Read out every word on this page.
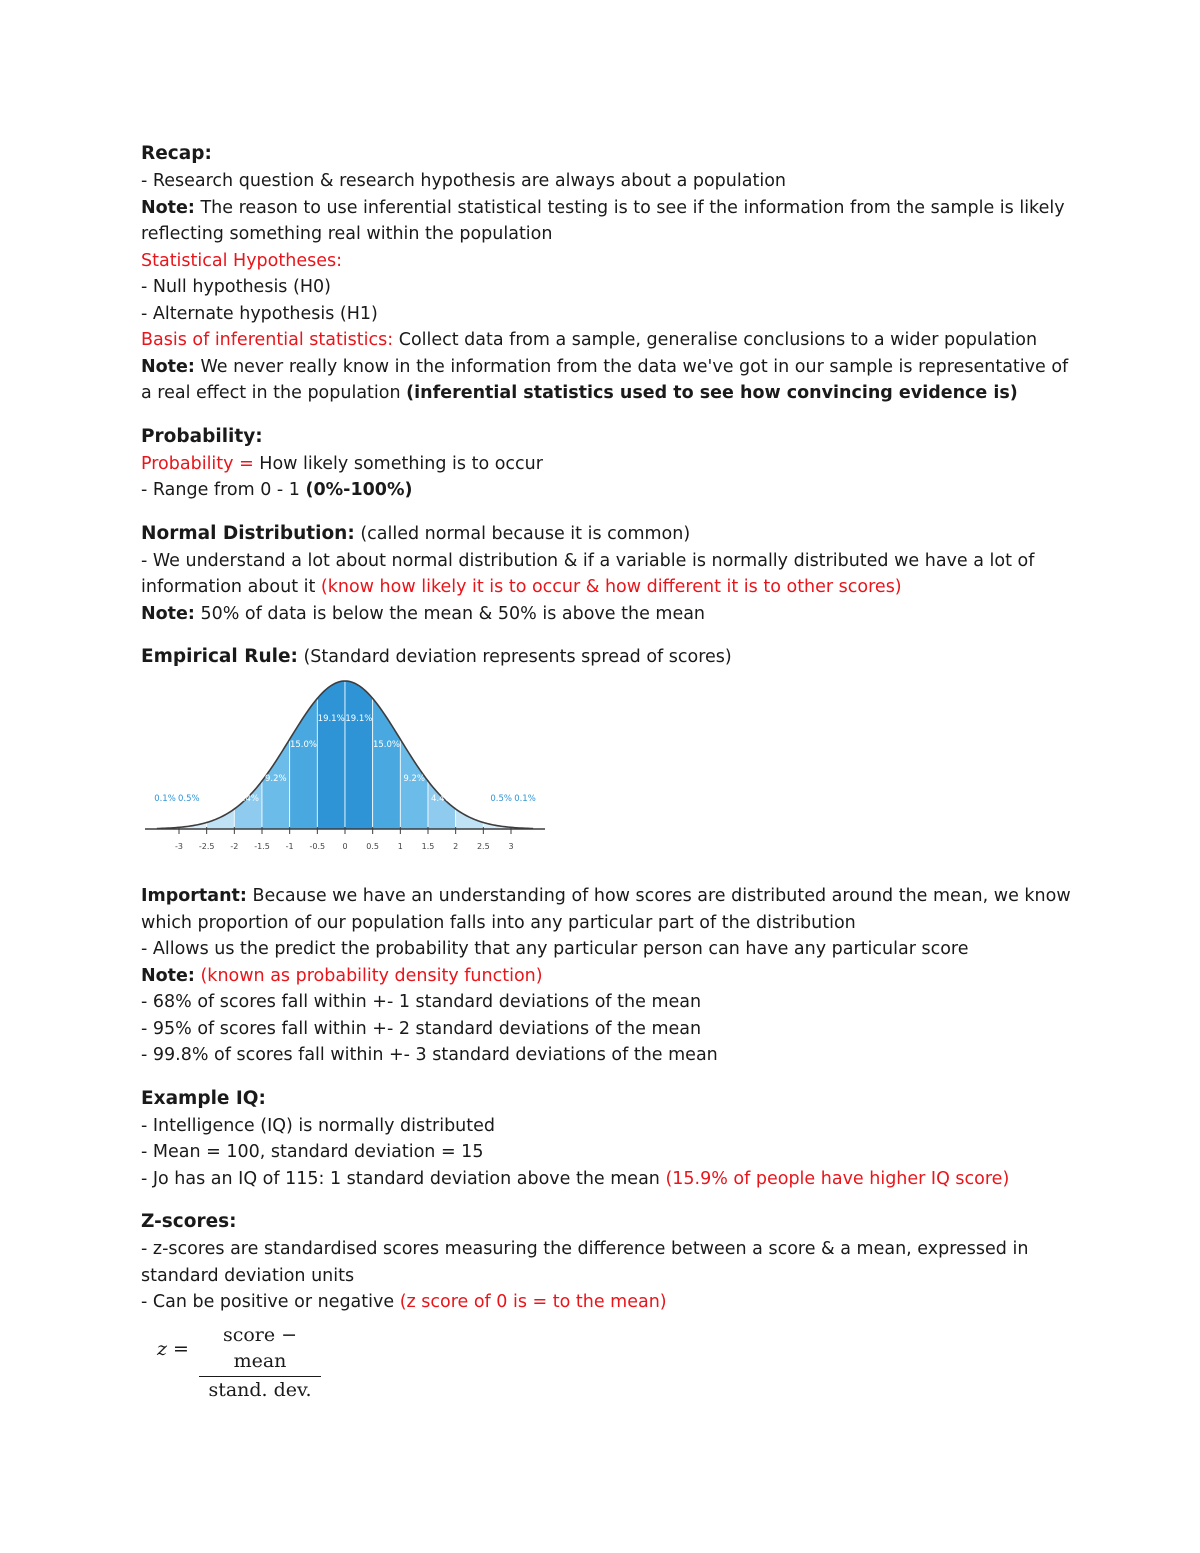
Recap:

- Research question & research hypothesis are always about a population

Note: The reason to use inferential statistical testing is to see if the information from the sample is likely reflecting something real within the population

Statistical Hypotheses:

- Null hypothesis (H0)

- Alternate hypothesis (H1)

Basis of inferential statistics: Collect data from a sample, generalise conclusions to a wider population

Note: We never really know in the information from the data we've got in our sample is representative of a real effect in the population (inferential statistics used to see how convincing evidence is)

Probability:

Probability = How likely something is to occur

- Range from 0 - 1 (0%-100%)

Normal Distribution: (called normal because it is common)

- We understand a lot about normal distribution & if a variable is normally distributed we have a lot of information about it (know how likely it is to occur & how different it is to other scores)

Note: 50% of data is below the mean & 50% is above the mean

Empirical Rule: (Standard deviation represents spread of scores)

-3 -2.5 -2 -1.5 -1 -0.5 0 0.5 1 1.5 2 2.5 3
0.5%
1.7%
4.4%
9.2%
15.0%
19.1% 19.1%
15.0%
9.2%
4.4%
1.7%
0.5%
0.1%	0.1%

Important: Because we have an understanding of how scores are distributed around the mean, we know which proportion of our population falls into any particular part of the distribution

- Allows us the predict the probability that any particular person can have any particular score

Note: (known as probability density function)

- 68% of scores fall within +- 1 standard deviations of the mean

- 95% of scores fall within +- 2 standard deviations of the mean

- 99.8% of scores fall within +- 3 standard deviations of the mean

Example IQ:

- Intelligence (IQ) is normally distributed

- Mean = 100, standard deviation = 15

- Jo has an IQ of 115: 1 standard deviation above the mean (15.9% of people have higher IQ score)

Z-scores:

- z-scores are standardised scores measuring the difference between a score & a mean, expressed in standard deviation units

- Can be positive or negative (z score of 0 is = to the mean)

z =
score − mean
stand. dev.
